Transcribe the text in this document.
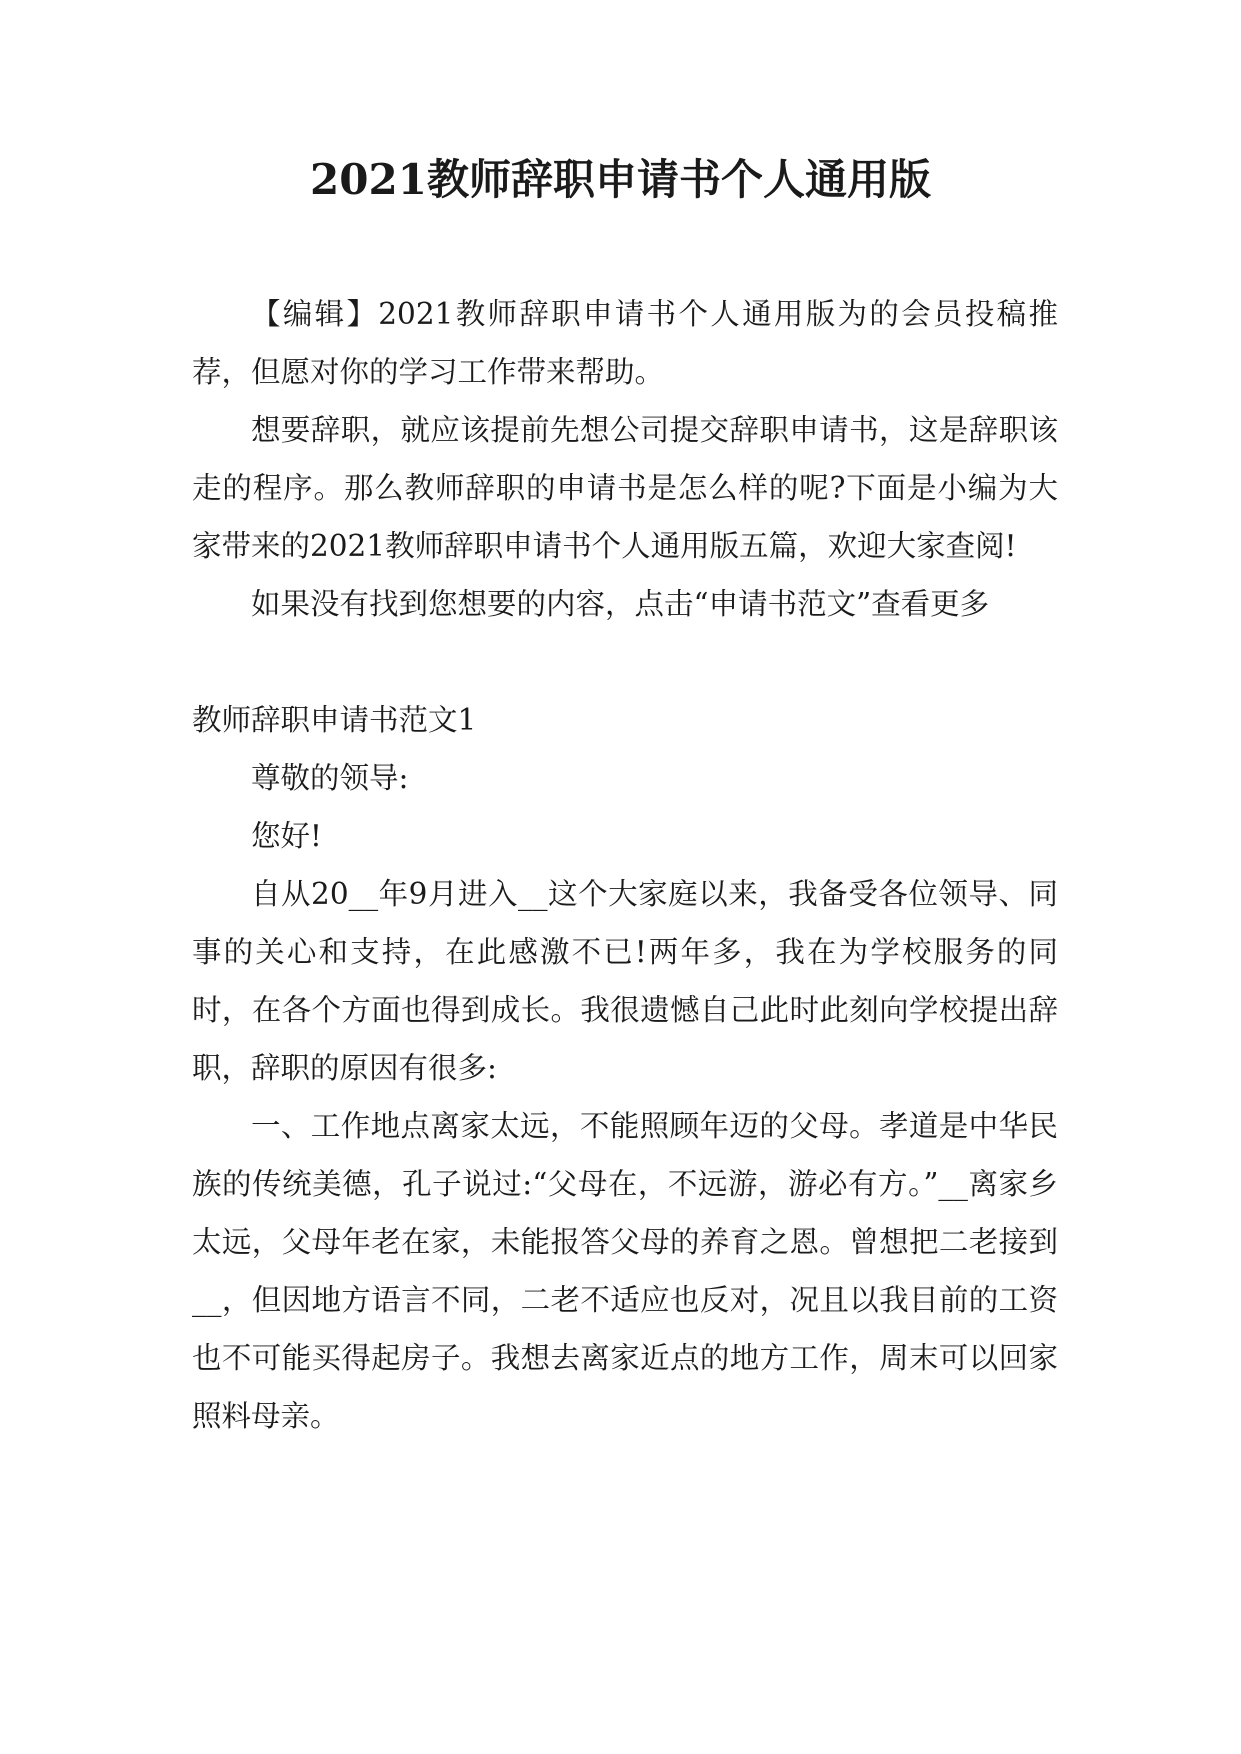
2021教师辞职申请书个人通用版

【编辑】2021教师辞职申请书个人通用版为的会员投稿推荐，但愿对你的学习工作带来帮助。

想要辞职，就应该提前先想公司提交辞职申请书，这是辞职该走的程序。那么教师辞职的申请书是怎么样的呢?下面是小编为大家带来的2021教师辞职申请书个人通用版五篇，欢迎大家查阅!

如果没有找到您想要的内容，点击“申请书范文”查看更多

教师辞职申请书范文1

尊敬的领导:

您好!

自从20__年9月进入__这个大家庭以来，我备受各位领导、同事的关心和支持，在此感激不已!两年多，我在为学校服务的同时，在各个方面也得到成长。我很遗憾自己此时此刻向学校提出辞职，辞职的原因有很多:

一、工作地点离家太远，不能照顾年迈的父母。孝道是中华民族的传统美德，孔子说过:“父母在，不远游，游必有方。”__离家乡太远，父母年老在家，未能报答父母的养育之恩。曾想把二老接到__，但因地方语言不同，二老不适应也反对，况且以我目前的工资也不可能买得起房子。我想去离家近点的地方工作，周末可以回家照料母亲。
